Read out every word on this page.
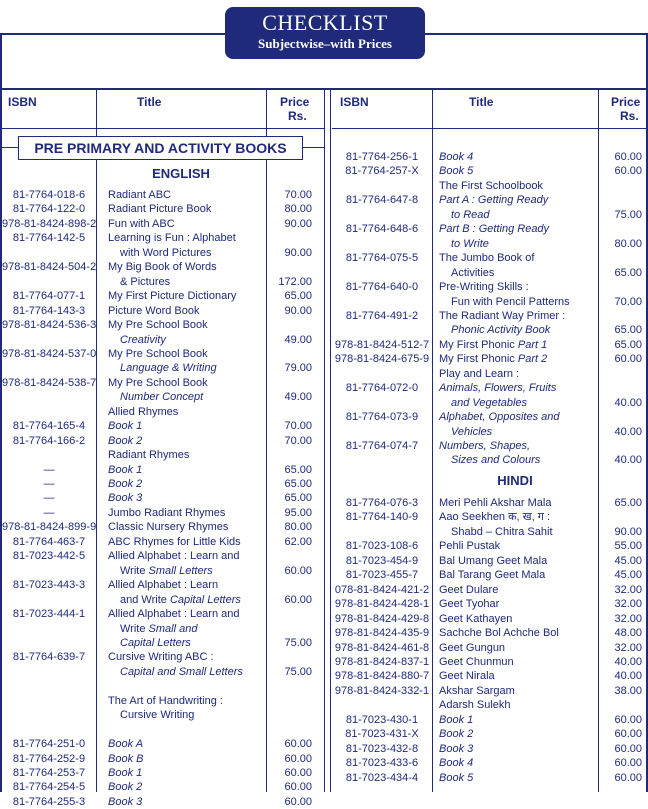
CHECKLIST
Subjectwise–with Prices
ISBN	Title	Price
Rs.
ISBN	Title	Price
Rs.
PRE PRIMARY AND ACTIVITY BOOKS
ENGLISH
81-7764-018-6	Radiant ABC	70.00
81-7764-122-0	Radiant Picture Book	80.00
978-81-8424-898-2 Fun with ABC	90.00
81-7764-142-5	Learning is Fun : Alphabet
with Word Pictures	90.00
978-81-8424-504-2 My Big Book of Words
& Pictures	172.00
81-7764-077-1	My First Picture Dictionary	65.00
81-7764-143-3	Picture Word Book	90.00
978-81-8424-536-3 My Pre School Book
Creativity	49.00
978-81-8424-537-0 My Pre School Book
Language & Writing	79.00
978-81-8424-538-7 My Pre School Book
Number Concept	49.00
Allied Rhymes
81-7764-165-4	Book 1	70.00
81-7764-166-2	Book 2	70.00
Radiant Rhymes
—	Book 1	65.00
—	Book 2	65.00
—	Book 3	65.00
—	Jumbo Radiant Rhymes	95.00
978-81-8424-899-9 Classic Nursery Rhymes	80.00
81-7764-463-7	ABC Rhymes for Little Kids	62.00
81-7023-442-5	Allied Alphabet : Learn and
Write Small Letters	60.00
81-7023-443-3	Allied Alphabet : Learn
and Write Capital Letters	60.00
81-7023-444-1	Allied Alphabet : Learn and
Write Small and
Capital Letters	75.00
81-7764-639-7	Cursive Writing ABC :
Capital and Small Letters	75.00
The Art of Handwriting :
Cursive Writing
81-7764-251-0	Book A	60.00
81-7764-252-9	Book B	60.00
81-7764-253-7	Book 1	60.00
81-7764-254-5	Book 2	60.00
81-7764-255-3	Book 3	60.00
81-7764-256-1	Book 4	60.00
81-7764-257-X	Book 5	60.00
The First Schoolbook
81-7764-647-8	Part A : Getting Ready
to Read	75.00
81-7764-648-6	Part B : Getting Ready
to Write	80.00
81-7764-075-5	The Jumbo Book of
Activities	65.00
81-7764-640-0	Pre-Writing Skills :
Fun with Pencil Patterns	70.00
81-7764-491-2	The Radiant Way Primer :
Phonic Activity Book	65.00
978-81-8424-512-7 My First Phonic Part 1	65.00
978-81-8424-675-9 My First Phonic Part 2	60.00
Play and Learn :
81-7764-072-0	Animals, Flowers, Fruits
and Vegetables	40.00
81-7764-073-9	Alphabet, Opposites and
Vehicles	40.00
81-7764-074-7	Numbers, Shapes,
Sizes and Colours	40.00
HINDI
81-7764-076-3	Meri Pehli Akshar Mala	65.00
81-7764-140-9	Aao Seekhen क, ख, ग :
Shabd – Chitra Sahit	90.00
81-7023-108-6	Pehli Pustak	55.00
81-7023-454-9	Bal Umang Geet Mala	45.00
81-7023-455-7	Bal Tarang Geet Mala	45.00
078-81-8424-421-2 Geet Dulare	32.00
978-81-8424-428-1 Geet Tyohar	32.00
978-81-8424-429-8 Geet Kathayen	32.00
978-81-8424-435-9 Sachche Bol Achche Bol	48.00
978-81-8424-461-8 Geet Gungun	32.00
978-81-8424-837-1 Geet Chunmun	40.00
978-81-8424-880-7 Geet Nirala	40.00
978-81-8424-332-1 Akshar Sargam	38.00
Adarsh Sulekh
81-7023-430-1	Book 1	60.00
81-7023-431-X	Book 2	60.00
81-7023-432-8	Book 3	60.00
81-7023-433-6	Book 4	60.00
81-7023-434-4	Book 5	60.00
